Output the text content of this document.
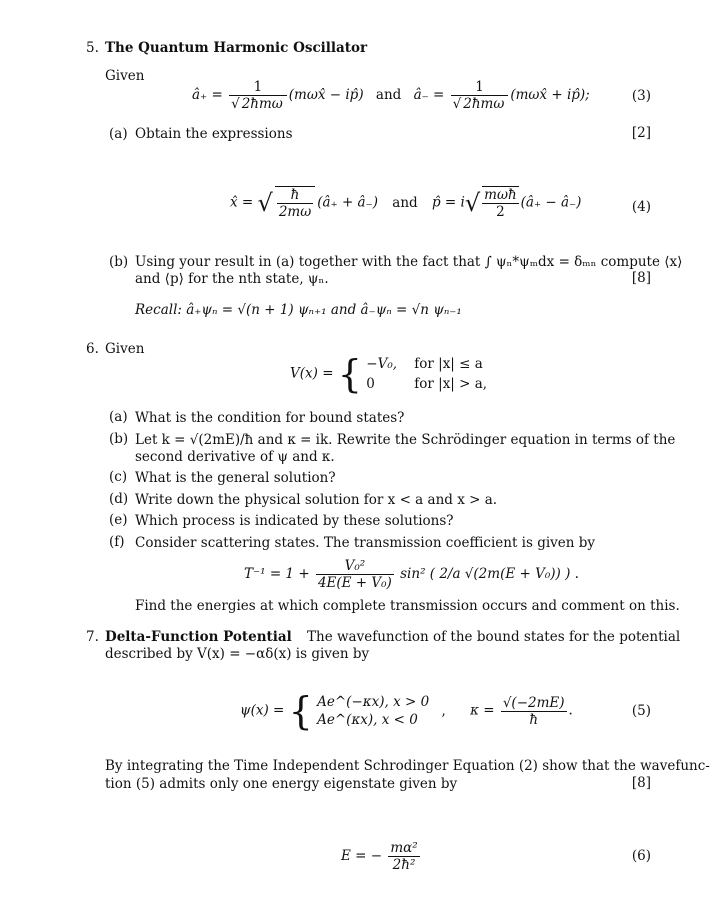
5. The Quantum Harmonic Oscillator
Given
â₊ = $\frac{1}{\text{√ 2ħmω}}$ (mωx̂ − ip̂) and â₋ = $\frac{1}{\text{√ 2ħmω}}$ (mωx̂ + ip̂);	(3)
(a) Obtain the expressions	[2]
x̂ = √ $\frac{ħ}{2m\omega}$ (â₊ + â₋) and p̂ = $i√ \frac{\text{mωħ}}{2}$ (â₊ − â₋)	(4)
(b) Using your result in (a) together with the fact that ∫ ψₙ*ψₘdx = δₘₙ compute ⟨x⟩
and ⟨p⟩ for the nth state, ψₙ.	[8]
Recall: â₊ψₙ = √(n + 1) ψₙ₊₁ and â₋ψₙ = √n ψₙ₋₁
6. Given
V(x) = { −V₀, for |x| ≤ a
0	for |x| > a,
(a) What is the condition for bound states?
(b) Let k = √(2mE)/ħ and κ = ik. Rewrite the Schrödinger equation in terms of the
second derivative of ψ and κ.
(c) What is the general solution?
(d) Write down the physical solution for x < a and x > a.
(e) Which process is indicated by these solutions?
(f) Consider scattering states. The transmission coefficient is given by
$T^{-1} = 1 + \frac{\text{V₀²}}{\text{4E(E + V₀)}} \sin^2$ ( 2/a √(2m(E + V₀)) ) .
Find the energies at which complete transmission occurs and comment on this.
7. Delta-Function Potential The wavefunction of the bound states for the potential
described by V(x) = −αδ(x) is given by
ψ(x) = { Ae^(−κx), x > 0
Ae^(κx), x < 0
, $\kappa = \frac{√(-2mE)}{ħ}$ .	(5)
By integrating the Time Independent Schrodinger Equation (2) show that the wavefunc-
tion (5) admits only one energy eigenstate given by	[8]
E = − $\frac{\text{mα²}}{\text{2ħ²}}$	(6)
